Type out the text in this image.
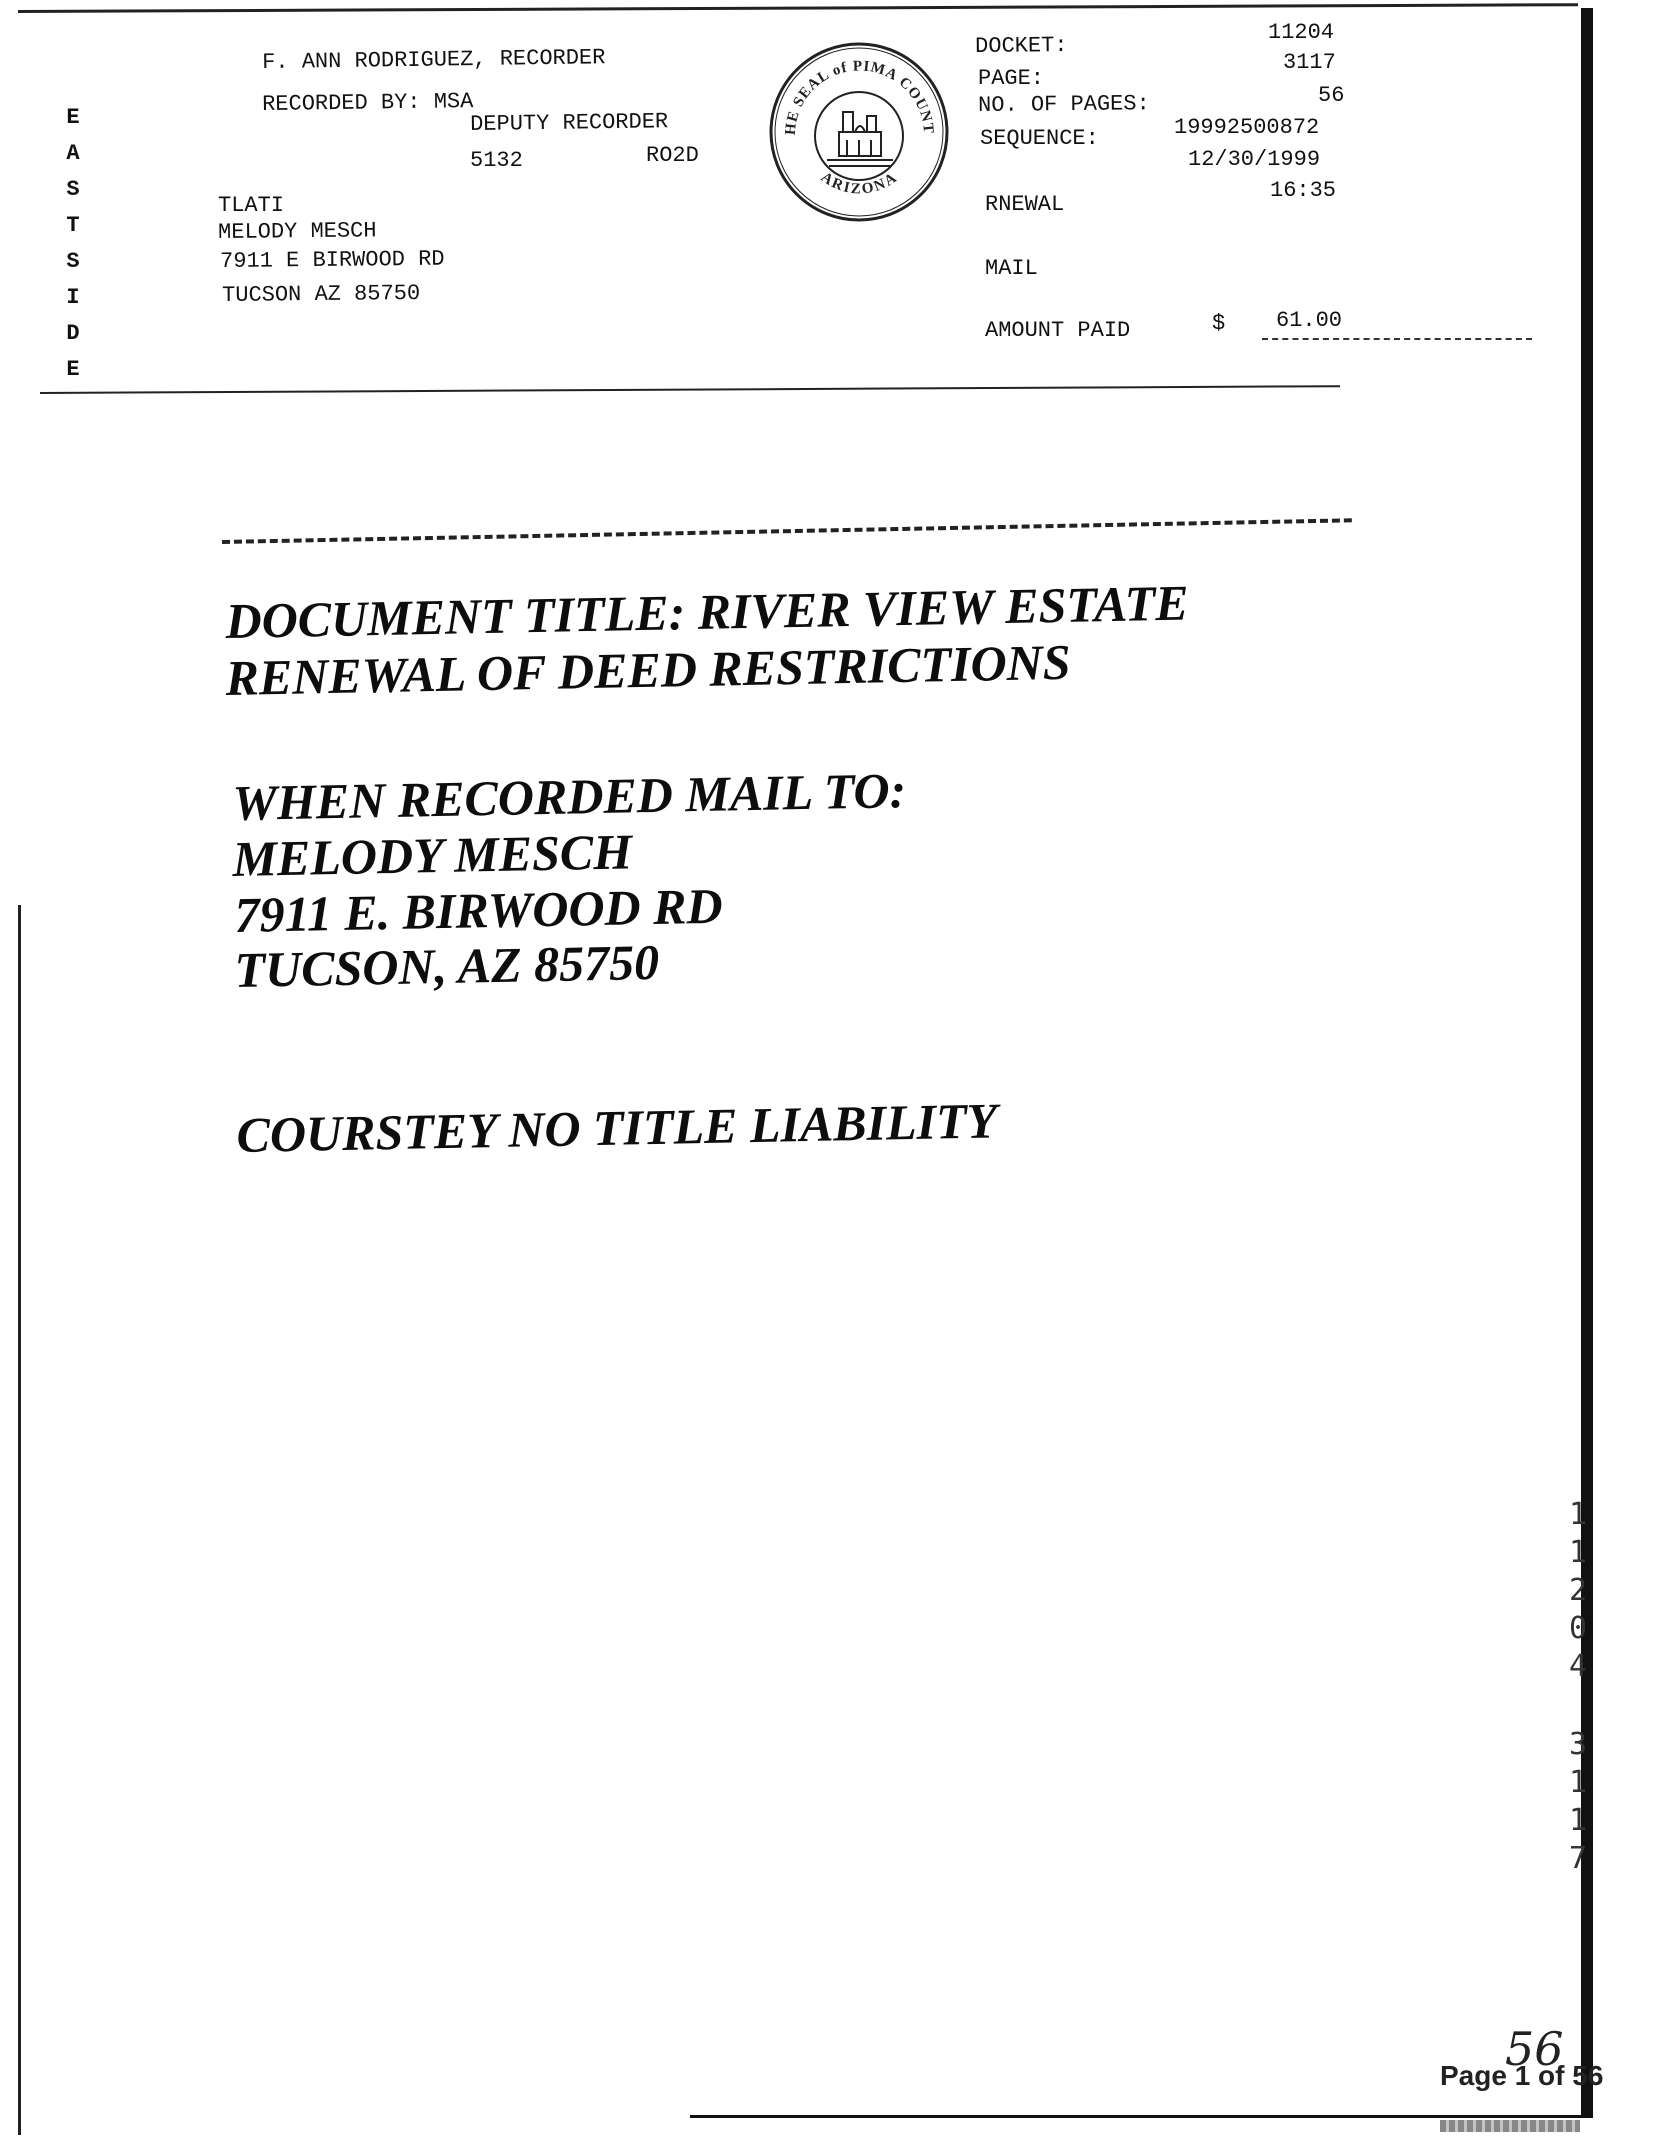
E
A
S
T
S
I
D
E
F. ANN RODRIGUEZ, RECORDER
RECORDED BY: MSA
DEPUTY RECORDER
5132	RO2D
TLATI
MELODY MESCH
7911 E BIRWOOD RD
TUCSON AZ 85750
HE SEAL of PIMA COUNT
ARIZONA
DOCKET:
11204
PAGE:
3117
NO. OF PAGES:	56
SEQUENCE:	19992500872
12/30/1999
RNEWAL
16:35
MAIL
AMOUNT PAID	$ 61.00
DOCUMENT TITLE: RIVER VIEW ESTATE
RENEWAL OF DEED RESTRICTIONS
WHEN RECORDED MAIL TO:
MELODY MESCH
7911 E. BIRWOOD RD
TUCSON, AZ 85750
COURSTEY NO TITLE LIABILITY
1
1
2
0
4
3
1
1
7
56
Page 1 of 56
